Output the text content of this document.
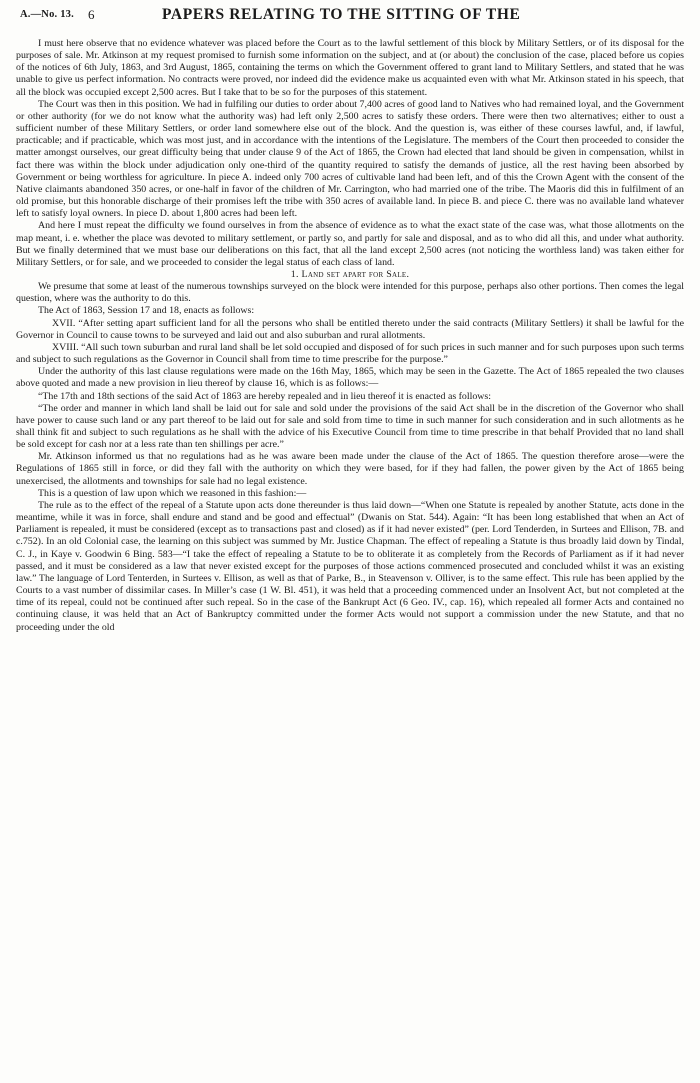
A.—No. 13. 6	PAPERS RELATING TO THE SITTING OF THE

I must here observe that no evidence whatever was placed before the Court as to the lawful settlement of this block by Military Settlers, or of its disposal for the purposes of sale. Mr. Atkinson at my request promised to furnish some information on the subject, and at (or about) the conclusion of the case, placed before us copies of the notices of 6th July, 1863, and 3rd August, 1865, containing the terms on which the Government offered to grant land to Military Settlers, and stated that he was unable to give us perfect information. No contracts were proved, nor indeed did the evidence make us acquainted even with what Mr. Atkinson stated in his speech, that all the block was occupied except 2,500 acres. But I take that to be so for the purposes of this statement.

The Court was then in this position. We had in fulfiling our duties to order about 7,400 acres of good land to Natives who had remained loyal, and the Government or other authority (for we do not know what the authority was) had left only 2,500 acres to satisfy these orders. There were then two alternatives; either to oust a sufficient number of these Military Settlers, or order land somewhere else out of the block. And the question is, was either of these courses lawful, and, if lawful, practicable; and if practicable, which was most just, and in accordance with the intentions of the Legislature. The members of the Court then proceeded to consider the matter amongst ourselves, our great difficulty being that under clause 9 of the Act of 1865, the Crown had elected that land should be given in compensation, whilst in fact there was within the block under adjudication only one-third of the quantity required to satisfy the demands of justice, all the rest having been absorbed by Government or being worthless for agriculture. In piece A. indeed only 700 acres of cultivable land had been left, and of this the Crown Agent with the consent of the Native claimants abandoned 350 acres, or one-half in favor of the children of Mr. Carrington, who had married one of the tribe. The Maoris did this in fulfilment of an old promise, but this honorable discharge of their promises left the tribe with 350 acres of available land. In piece B. and piece C. there was no available land whatever left to satisfy loyal owners. In piece D. about 1,800 acres had been left.

And here I must repeat the difficulty we found ourselves in from the absence of evidence as to what the exact state of the case was, what those allotments on the map meant, i. e. whether the place was devoted to military settlement, or partly so, and partly for sale and disposal, and as to who did all this, and under what authority. But we finally determined that we must base our deliberations on this fact, that all the land except 2,500 acres (not noticing the worthless land) was taken either for Military Settlers, or for sale, and we proceeded to consider the legal status of each class of land.

1. Land set apart for Sale.

We presume that some at least of the numerous townships surveyed on the block were intended for this purpose, perhaps also other portions. Then comes the legal question, where was the authority to do this.

The Act of 1863, Session 17 and 18, enacts as follows:

XVII. “After setting apart sufficient land for all the persons who shall be entitled thereto under the said contracts (Military Settlers) it shall be lawful for the Governor in Council to cause towns to be surveyed and laid out and also suburban and rural allotments.

XVIII. “All such town suburban and rural land shall be let sold occupied and disposed of for such prices in such manner and for such purposes upon such terms and subject to such regulations as the Governor in Council shall from time to time prescribe for the purpose.”

Under the authority of this last clause regulations were made on the 16th May, 1865, which may be seen in the Gazette. The Act of 1865 repealed the two clauses above quoted and made a new provision in lieu thereof by clause 16, which is as follows:—

“The 17th and 18th sections of the said Act of 1863 are hereby repealed and in lieu thereof it is enacted as follows:

“The order and manner in which land shall be laid out for sale and sold under the provisions of the said Act shall be in the discretion of the Governor who shall have power to cause such land or any part thereof to be laid out for sale and sold from time to time in such manner for such consideration and in such allotments as he shall think fit and subject to such regulations as he shall with the advice of his Executive Council from time to time prescribe in that behalf Provided that no land shall be sold except for cash nor at a less rate than ten shillings per acre.”

Mr. Atkinson informed us that no regulations had as he was aware been made under the clause of the Act of 1865. The question therefore arose—were the Regulations of 1865 still in force, or did they fall with the authority on which they were based, for if they had fallen, the power given by the Act of 1865 being unexercised, the allotments and townships for sale had no legal existence.

This is a question of law upon which we reasoned in this fashion:—

The rule as to the effect of the repeal of a Statute upon acts done thereunder is thus laid down—“When one Statute is repealed by another Statute, acts done in the meantime, while it was in force, shall endure and stand and be good and effectual” (Dwanis on Stat. 544). Again: “It has been long established that when an Act of Parliament is repealed, it must be considered (except as to transactions past and closed) as if it had never existed” (per. Lord Tenderden, in Surtees and Ellison, 7B. and c.752). In an old Colonial case, the learning on this subject was summed by Mr. Justice Chapman. The effect of repealing a Statute is thus broadly laid down by Tindal, C. J., in Kaye v. Goodwin 6 Bing. 583—“I take the effect of repealing a Statute to be to obliterate it as completely from the Records of Parliament as if it had never passed, and it must be considered as a law that never existed except for the purposes of those actions commenced prosecuted and concluded whilst it was an existing law.” The language of Lord Tenterden, in Surtees v. Ellison, as well as that of Parke, B., in Steavenson v. Olliver, is to the same effect. This rule has been applied by the Courts to a vast number of dissimilar cases. In Miller’s case (1 W. Bl. 451), it was held that a proceeding commenced under an Insolvent Act, but not completed at the time of its repeal, could not be continued after such repeal. So in the case of the Bankrupt Act (6 Geo. IV., cap. 16), which repealed all former Acts and contained no continuing clause, it was held that an Act of Bankruptcy committed under the former Acts would not support a commission under the new Statute, and that no proceeding under the old
